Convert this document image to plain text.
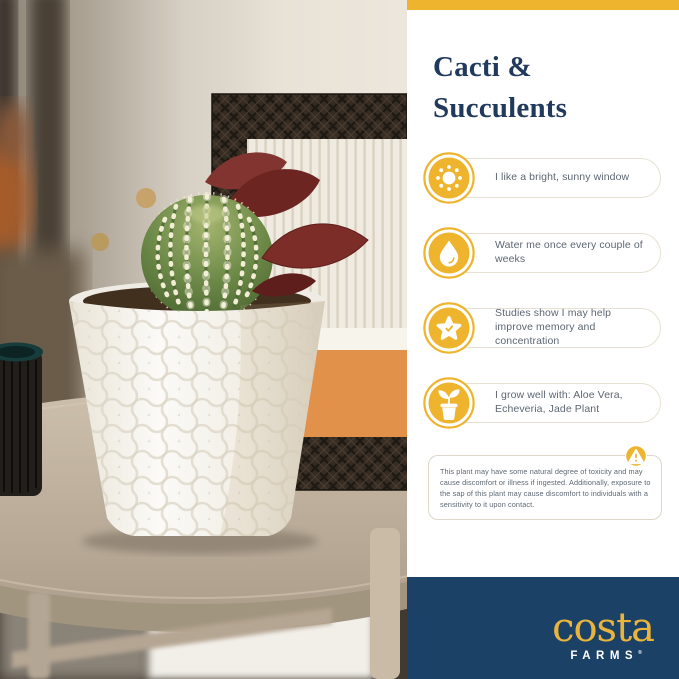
Cacti &
Succulents
I like a bright, sunny window
Water me once every couple of weeks
Studies show I may help improve memory and concentration
I grow well with: Aloe Vera, Echeveria, Jade Plant
This plant may have some natural degree of toxicity and may cause discomfort or illness if ingested. Additionally, exposure to the sap of this plant may cause discomfort to individuals with a sensitivity to it upon contact.
costa
FARMS®
